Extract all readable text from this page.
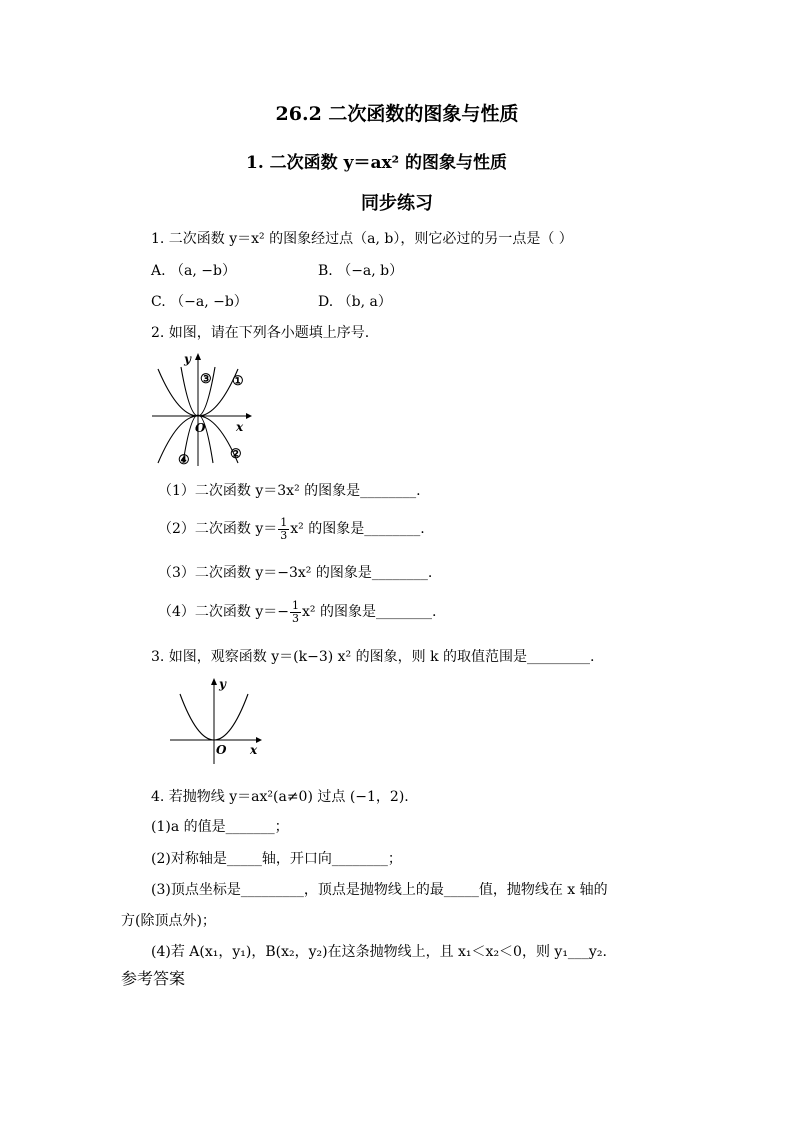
26.2 二次函数的图象与性质
1. 二次函数 y＝ax² 的图象与性质
同步练习
1. 二次函数 y＝x² 的图象经过点（a, b），则它必过的另一点是（ ）
A. （a, −b）	B. （−a, b）
C. （−a, −b）	D. （b, a）
2. 如图，请在下列各小题填上序号.
y
x
O
③ ①
④	②
（1）二次函数 y＝3x² 的图象是________.
（2）二次函数 $y= \frac{1}{3} x^2$ 的图象是________.
（3）二次函数 y＝−3x² 的图象是________.
（4）二次函数 $y=- \frac{1}{3} x^2$ 的图象是________.
3. 如图，观察函数 y＝(k−3) x² 的图象，则 k 的取值范围是_________.
y
x
O
4. 若抛物线 y＝ax²(a≠0) 过点 (−1，2).
(1)a 的值是_______；
(2)对称轴是_____轴，开口向________；
(3)顶点坐标是_________，顶点是抛物线上的最_____值，抛物线在 x 轴的
方(除顶点外)；
(4)若 A(x₁，y₁)，B(x₂，y₂)在这条抛物线上，且 x₁＜x₂＜0，则 y₁___y₂.
参考答案
